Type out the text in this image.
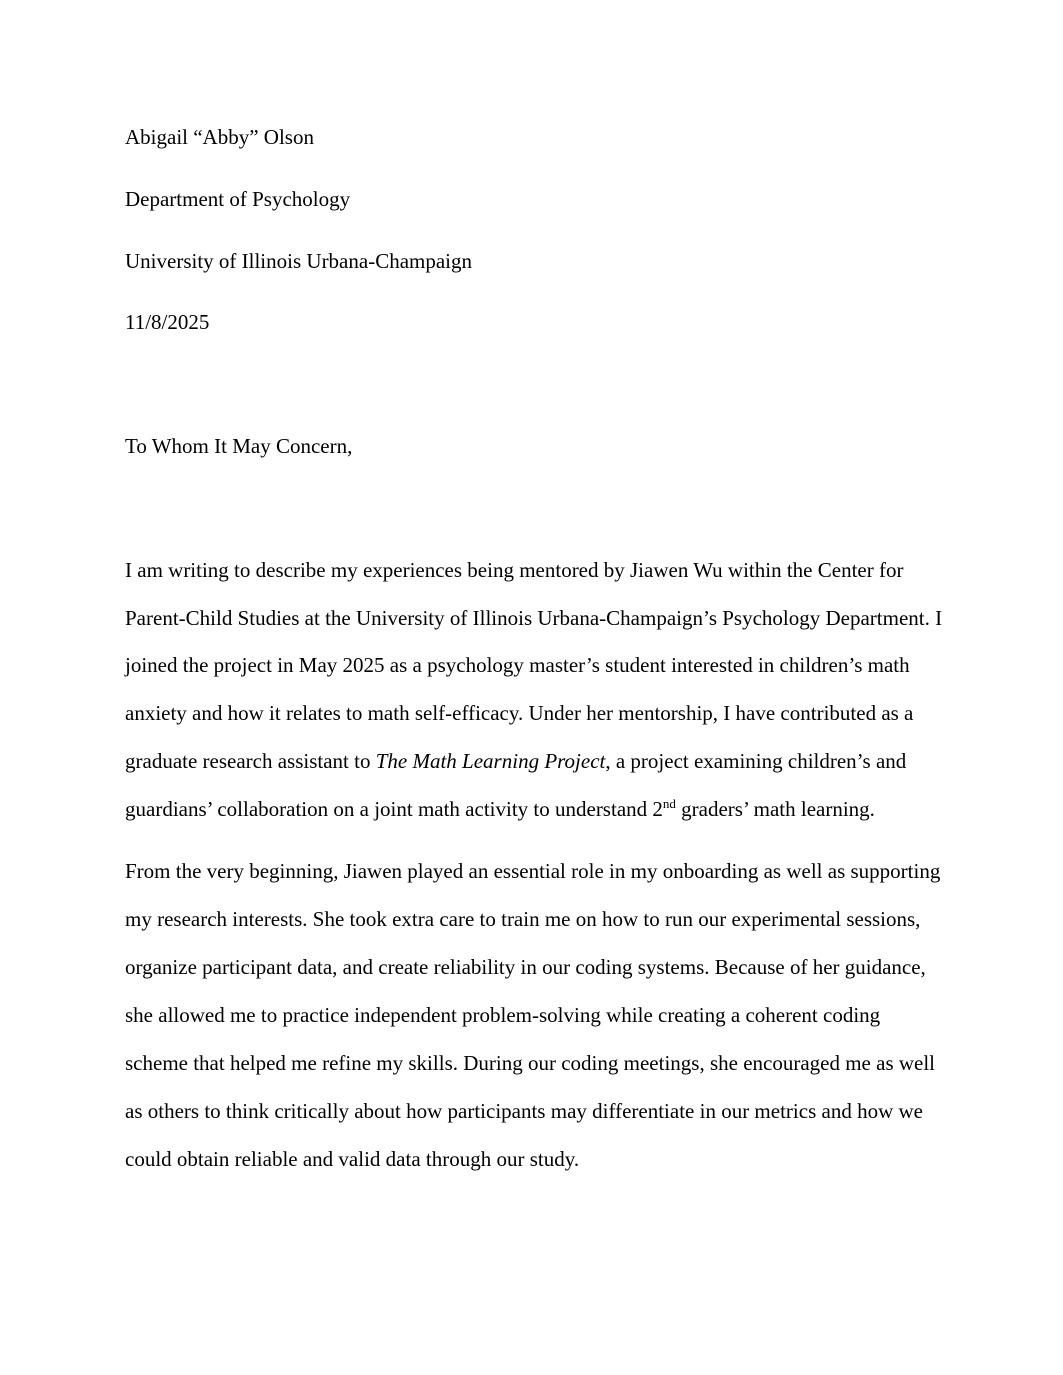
Abigail “Abby” Olson
Department of Psychology
University of Illinois Urbana-Champaign
11/8/2025
To Whom It May Concern,
I am writing to describe my experiences being mentored by Jiawen Wu within the Center for
Parent-Child Studies at the University of Illinois Urbana-Champaign’s Psychology Department. I
joined the project in May 2025 as a psychology master’s student interested in children’s math
anxiety and how it relates to math self-efficacy. Under her mentorship, I have contributed as a
graduate research assistant to The Math Learning Project, a project examining children’s and
guardians’ collaboration on a joint math activity to understand 2nd graders’ math learning.
From the very beginning, Jiawen played an essential role in my onboarding as well as supporting
my research interests. She took extra care to train me on how to run our experimental sessions,
organize participant data, and create reliability in our coding systems. Because of her guidance,
she allowed me to practice independent problem-solving while creating a coherent coding
scheme that helped me refine my skills. During our coding meetings, she encouraged me as well
as others to think critically about how participants may differentiate in our metrics and how we
could obtain reliable and valid data through our study.
